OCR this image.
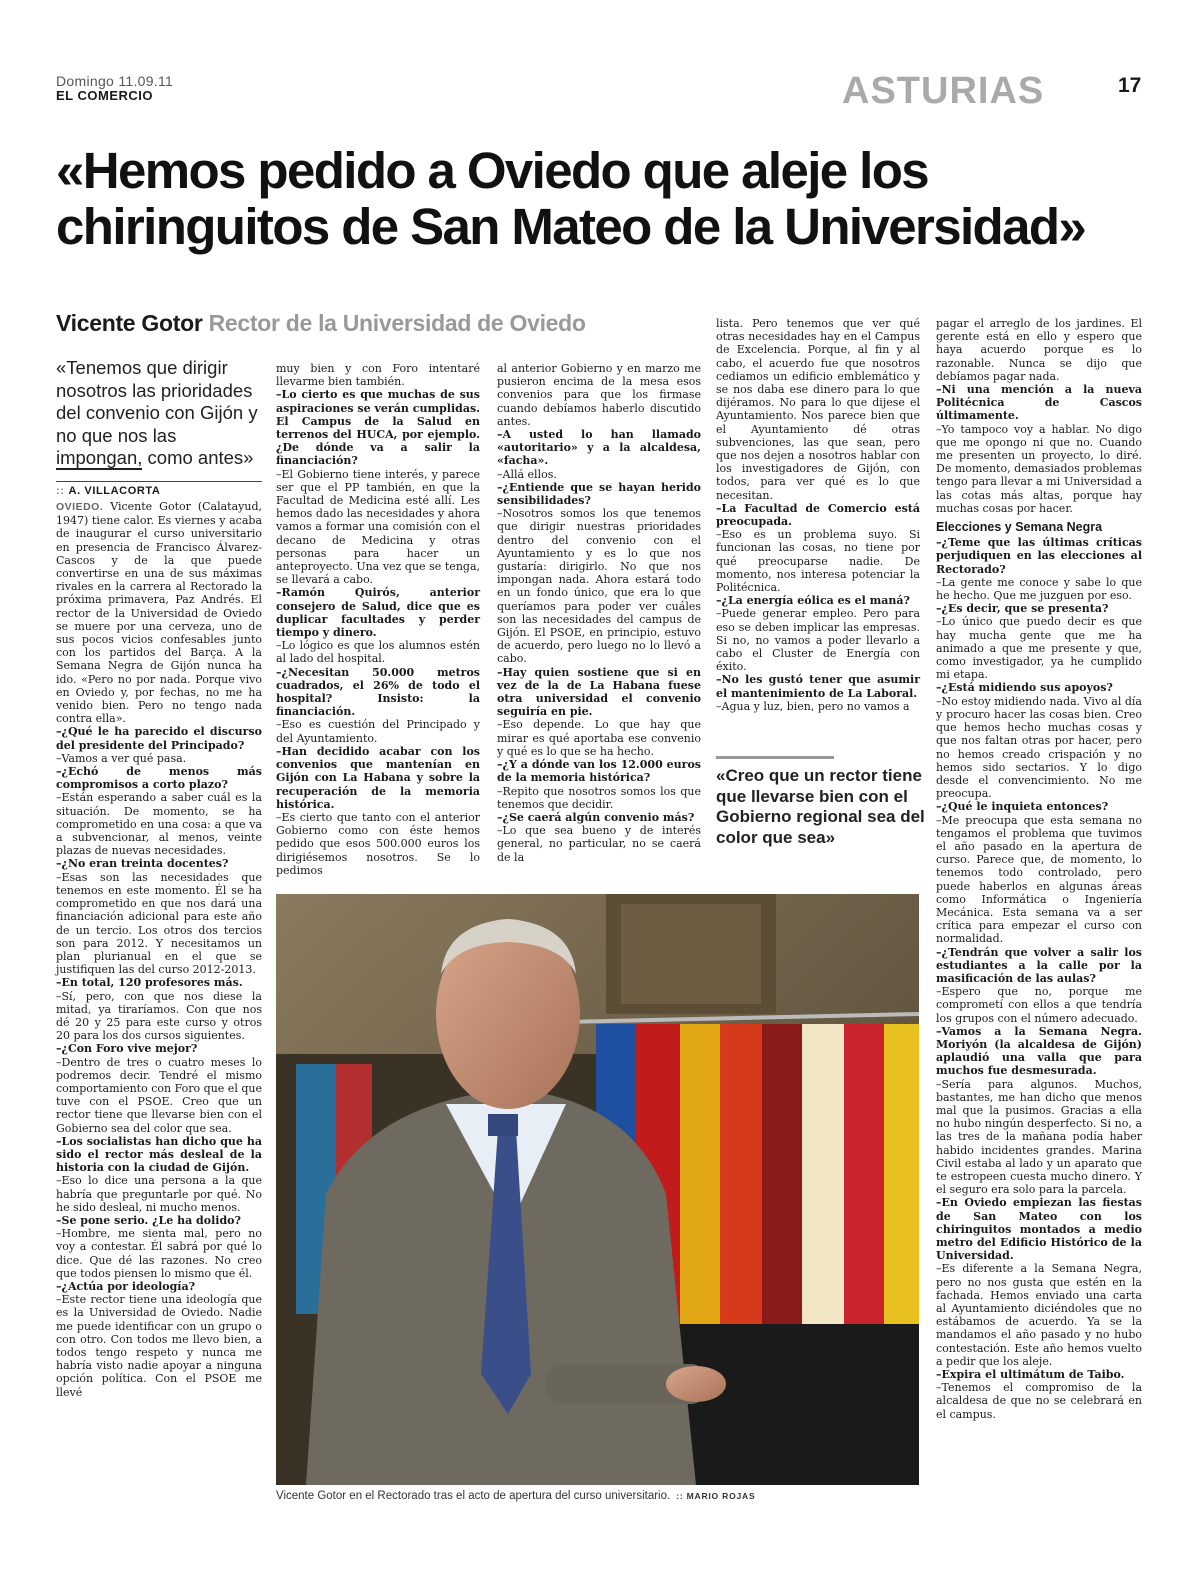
Domingo 11.09.11
EL COMERCIO	ASTURIAS	17
«Hemos pedido a Oviedo que aleje los chiringuitos de San Mateo de la Universidad»
Vicente Gotor Rector de la Universidad de Oviedo
«Tenemos que dirigir nosotros las prioridades del convenio con Gijón y no que nos las impongan, como antes»
:: A. VILLACORTA

OVIEDO. Vicente Gotor (Calatayud, 1947) tiene calor. Es viernes y acaba de inaugurar el curso universitario en presencia de Francisco Álvarez-Cascos y de la que puede convertirse en una de sus máximas rivales en la carrera al Rectorado la próxima primavera, Paz Andrés. El rector de la Universidad de Oviedo se muere por una cerveza, uno de sus pocos vicios confesables junto con los partidos del Barça. A la Semana Negra de Gijón nunca ha ido. «Pero no por nada. Porque vivo en Oviedo y, por fechas, no me ha venido bien. Pero no tengo nada contra ella».

–¿Qué le ha parecido el discurso del presidente del Principado?

–Vamos a ver qué pasa.

–¿Echó de menos más compromisos a corto plazo?

–Están esperando a saber cuál es la situación. De momento, se ha comprometido en una cosa: a que va a subvencionar, al menos, veinte plazas de nuevas necesidades.

–¿No eran treinta docentes?

–Esas son las necesidades que tenemos en este momento. Él se ha comprometido en que nos dará una financiación adicional para este año de un tercio. Los otros dos tercios son para 2012. Y necesitamos un plan plurianual en el que se justifiquen las del curso 2012-2013.

–En total, 120 profesores más.

–Sí, pero, con que nos diese la mitad, ya tiraríamos. Con que nos dé 20 y 25 para este curso y otros 20 para los dos cursos siguientes.

–¿Con Foro vive mejor?

–Dentro de tres o cuatro meses lo podremos decir. Tendré el mismo comportamiento con Foro que el que tuve con el PSOE. Creo que un rector tiene que llevarse bien con el Gobierno sea del color que sea.

–Los socialistas han dicho que ha sido el rector más desleal de la historia con la ciudad de Gijón.

–Eso lo dice una persona a la que habría que preguntarle por qué. No he sido desleal, ni mucho menos.

–Se pone serio. ¿Le ha dolido?

–Hombre, me sienta mal, pero no voy a contestar. Él sabrá por qué lo dice. Que dé las razones. No creo que todos piensen lo mismo que él.

–¿Actúa por ideología?

–Este rector tiene una ideología que es la Universidad de Oviedo. Nadie me puede identificar con un grupo o con otro. Con todos me llevo bien, a todos tengo respeto y nunca me habría visto nadie apoyar a ninguna opción política. Con el PSOE me llevé

muy bien y con Foro intentaré llevarme bien también.

–Lo cierto es que muchas de sus aspiraciones se verán cumplidas. El Campus de la Salud en terrenos del HUCA, por ejemplo. ¿De dónde va a salir la financiación?

–El Gobierno tiene interés, y parece ser que el PP también, en que la Facultad de Medicina esté allí. Les hemos dado las necesidades y ahora vamos a formar una comisión con el decano de Medicina y otras personas para hacer un anteproyecto. Una vez que se tenga, se llevará a cabo.

–Ramón Quirós, anterior consejero de Salud, dice que es duplicar facultades y perder tiempo y dinero.

–Lo lógico es que los alumnos estén al lado del hospital.

–¿Necesitan 50.000 metros cuadrados, el 26% de todo el hospital? Insisto: la financiación.

–Eso es cuestión del Principado y del Ayuntamiento.

–Han decidido acabar con los convenios que mantenían en Gijón con La Habana y sobre la recuperación de la memoria histórica.

–Es cierto que tanto con el anterior Gobierno como con éste hemos pedido que esos 500.000 euros los dirigiésemos nosotros. Se lo pedimos

al anterior Gobierno y en marzo me pusieron encima de la mesa esos convenios para que los firmase cuando debíamos haberlo discutido antes.

–A usted lo han llamado «autoritario» y a la alcaldesa, «facha».

–Allá ellos.

–¿Entiende que se hayan herido sensibilidades?

–Nosotros somos los que tenemos que dirigir nuestras prioridades dentro del convenio con el Ayuntamiento y es lo que nos gustaría: dirigirlo. No que nos impongan nada. Ahora estará todo en un fondo único, que era lo que queríamos para poder ver cuáles son las necesidades del campus de Gijón. El PSOE, en principio, estuvo de acuerdo, pero luego no lo llevó a cabo.

–Hay quien sostiene que si en vez de la de La Habana fuese otra universidad el convenio seguiría en pie.

–Eso depende. Lo que hay que mirar es qué aportaba ese convenio y qué es lo que se ha hecho.

–¿Y a dónde van los 12.000 euros de la memoria histórica?

–Repito que nosotros somos los que tenemos que decidir.

–¿Se caerá algún convenio más?

–Lo que sea bueno y de interés general, no particular, no se caerá de la

lista. Pero tenemos que ver qué otras necesidades hay en el Campus de Excelencia. Porque, al fin y al cabo, el acuerdo fue que nosotros cediamos un edificio emblemático y se nos daba ese dinero para lo que dijéramos. No para lo que dijese el Ayuntamiento. Nos parece bien que el Ayuntamiento dé otras subvenciones, las que sean, pero que nos dejen a nosotros hablar con los investigadores de Gijón, con todos, para ver qué es lo que necesitan.

–La Facultad de Comercio está preocupada.

–Eso es un problema suyo. Si funcionan las cosas, no tiene por qué preocuparse nadie. De momento, nos interesa potenciar la Politécnica.

–¿La energía eólica es el maná?

–Puede generar empleo. Pero para eso se deben implicar las empresas. Si no, no vamos a poder llevarlo a cabo el Cluster de Energía con éxito.

–No les gustó tener que asumir el mantenimiento de La Laboral.

–Agua y luz, bien, pero no vamos a

pagar el arreglo de los jardines. El gerente está en ello y espero que haya acuerdo porque es lo razonable. Nunca se dijo que debíamos pagar nada.

–Ni una mención a la nueva Politécnica de Cascos últimamente.

–Yo tampoco voy a hablar. No digo que me opongo ni que no. Cuando me presenten un proyecto, lo diré. De momento, demasiados problemas tengo para llevar a mi Universidad a las cotas más altas, porque hay muchas cosas por hacer.

Elecciones y Semana Negra

–¿Teme que las últimas críticas perjudiquen en las elecciones al Rectorado?

–La gente me conoce y sabe lo que he hecho. Que me juzguen por eso.

–¿Es decir, que se presenta?

–Lo único que puedo decir es que hay mucha gente que me ha animado a que me presente y que, como investigador, ya he cumplido mi etapa.

–¿Está midiendo sus apoyos?

–No estoy midiendo nada. Vivo al día y procuro hacer las cosas bien. Creo que hemos hecho muchas cosas y que nos faltan otras por hacer, pero no hemos creado crispación y no hemos sido sectarios. Y lo digo desde el convencimiento. No me preocupa.

–¿Qué le inquieta entonces?

–Me preocupa que esta semana no tengamos el problema que tuvimos el año pasado en la apertura de curso. Parece que, de momento, lo tenemos todo controlado, pero puede haberlos en algunas áreas como Informática o Ingeniería Mecánica. Esta semana va a ser crítica para empezar el curso con normalidad.

–¿Tendrán que volver a salir los estudiantes a la calle por la masificación de las aulas?

–Espero que no, porque me comprometí con ellos a que tendría los grupos con el número adecuado.

–Vamos a la Semana Negra. Moriyón (la alcaldesa de Gijón) aplaudió una valla que para muchos fue desmesurada.

–Sería para algunos. Muchos, bastantes, me han dicho que menos mal que la pusimos. Gracias a ella no hubo ningún desperfecto. Si no, a las tres de la mañana podía haber habido incidentes grandes. Marina Civil estaba al lado y un aparato que te estropeen cuesta mucho dinero. Y el seguro era solo para la parcela.

–En Oviedo empiezan las fiestas de San Mateo con los chiringuitos montados a medio metro del Edificio Histórico de la Universidad.

–Es diferente a la Semana Negra, pero no nos gusta que estén en la fachada. Hemos enviado una carta al Ayuntamiento diciéndoles que no estábamos de acuerdo. Ya se la mandamos el año pasado y no hubo contestación. Este año hemos vuelto a pedir que los aleje.

–Expira el ultimátum de Taibo.

–Tenemos el compromiso de la alcaldesa de que no se celebrará en el campus.

«Creo que un rector tiene que llevarse bien con el Gobierno regional sea del color que sea»
Vicente Gotor en el Rectorado tras el acto de apertura del curso universitario. :: MARIO ROJAS
